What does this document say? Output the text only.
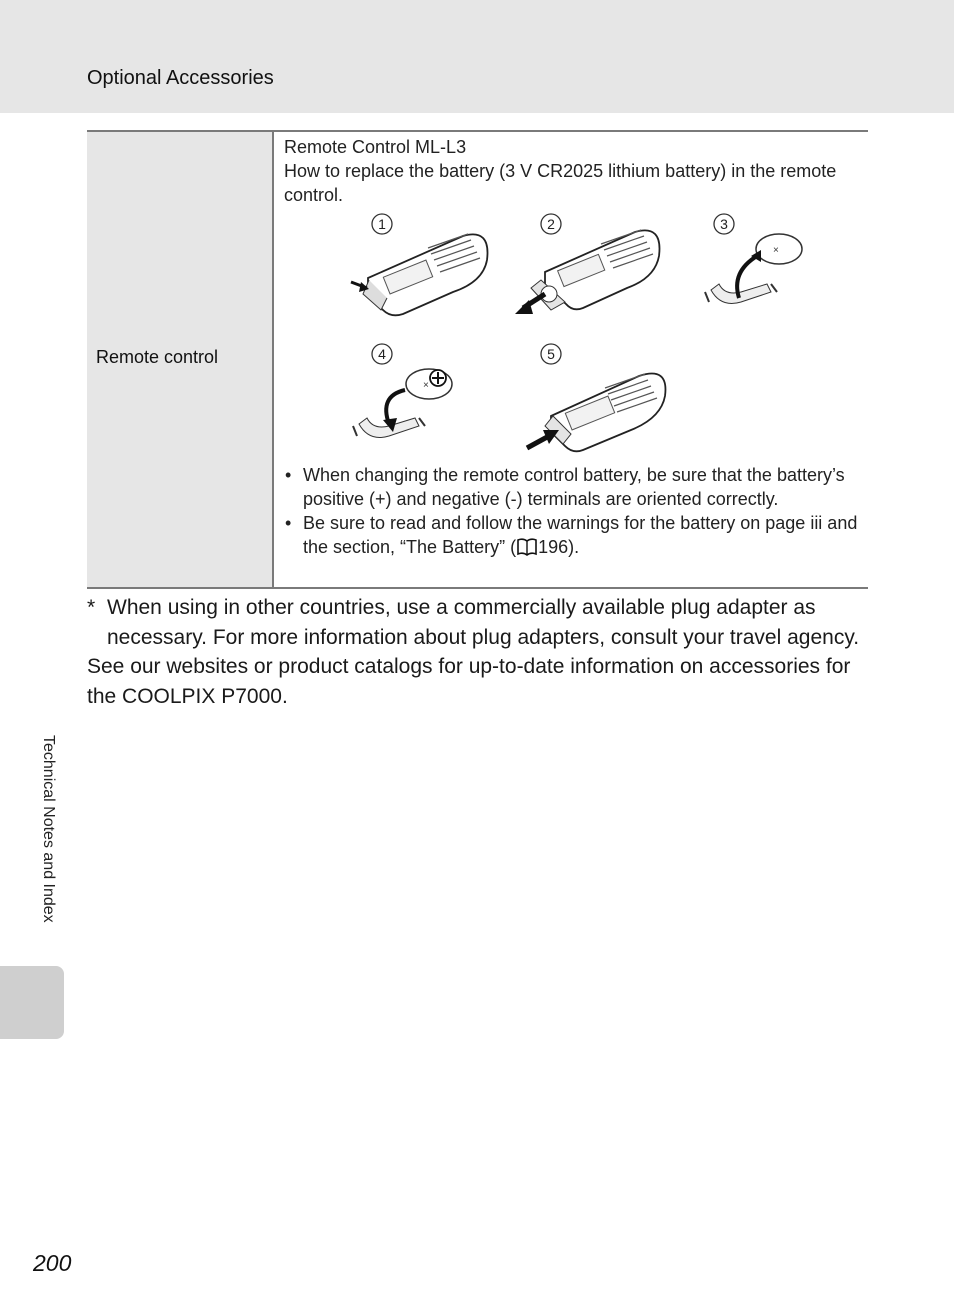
Optional Accessories
Remote control
Remote Control ML-L3
How to replace the battery (3 V CR2025 lithium battery) in the remote control.
1	2	3
×
4
×
5
• When changing the remote control battery, be sure that the battery’s positive (+) and negative (-) terminals are oriented correctly.
• Be sure to read and follow the warnings for the battery on page iii and the section, “The Battery” ( 196).
* When using in other countries, use a commercially available plug adapter as necessary. For more information about plug adapters, consult your travel agency.
See our websites or product catalogs for up-to-date information on accessories for the COOLPIX P7000.
Technical Notes and Index
200
